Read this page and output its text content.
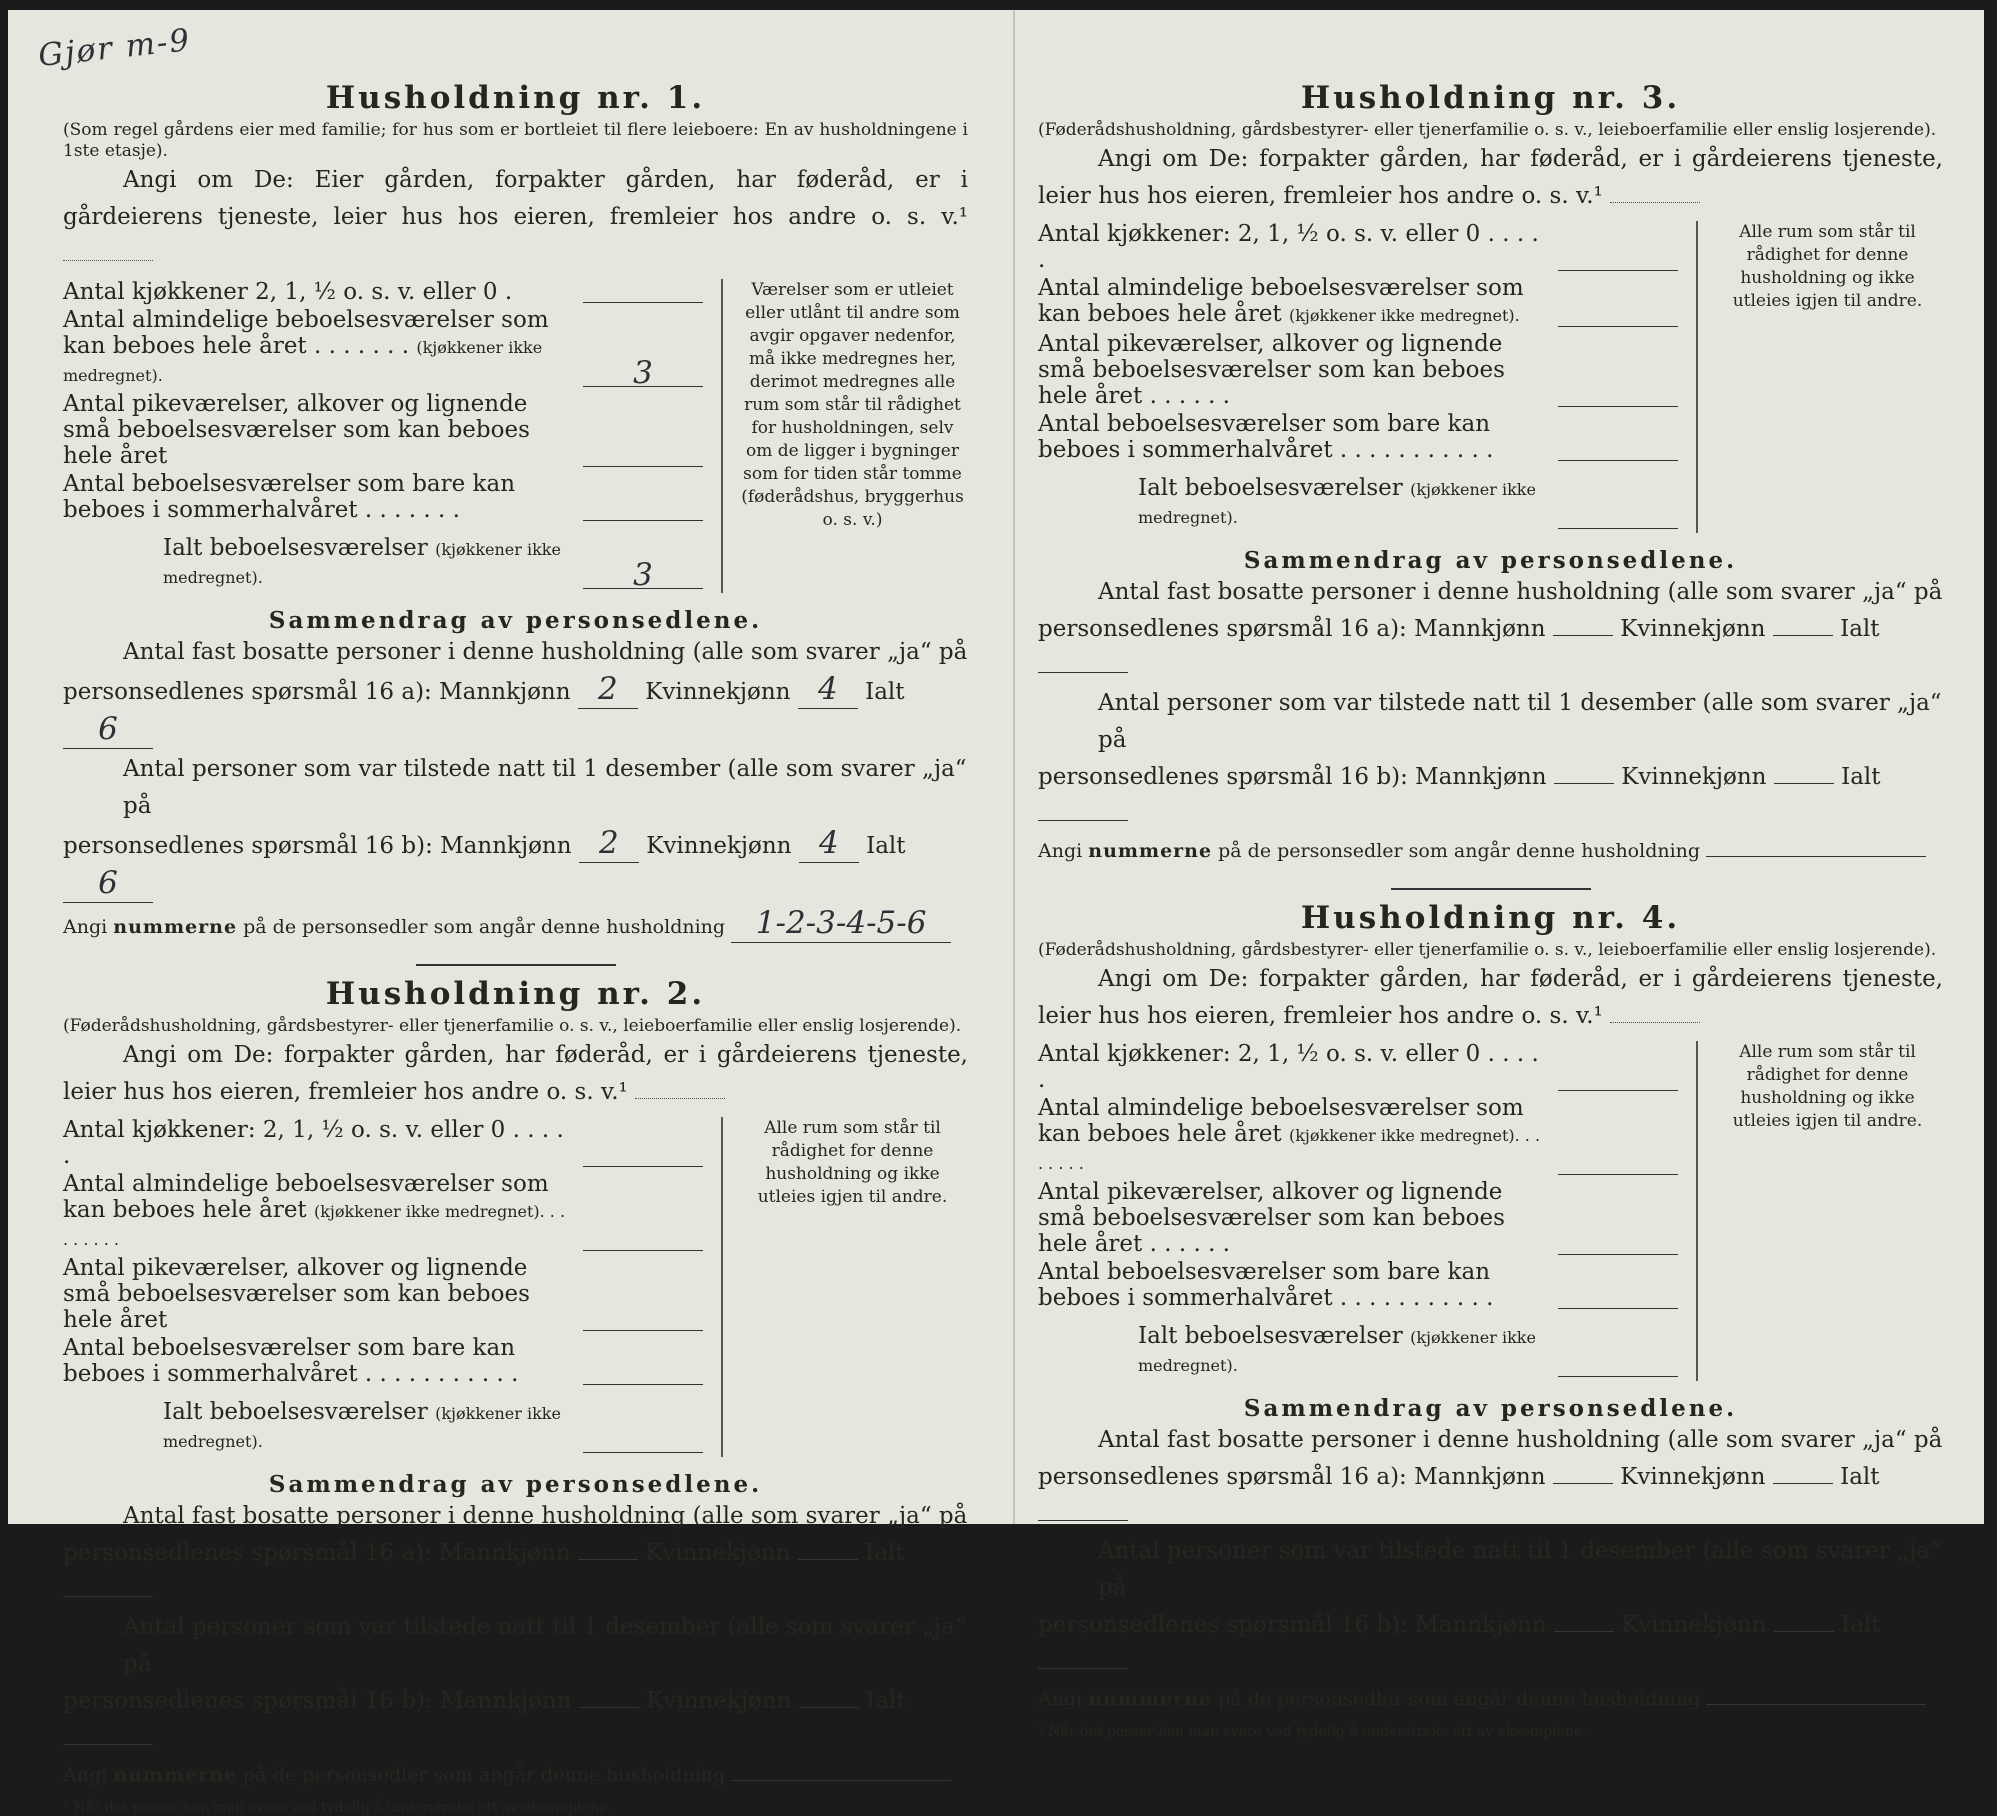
Gjør m-9
Husholdning nr. 1.
(Som regel gårdens eier med familie; for hus som er bortleiet til flere leieboere: En av husholdningene i 1ste etasje).
Angi om De: Eier gården, forpakter gården, har føderåd, er i gårdeierens tjeneste, leier hus hos eieren, fremleier hos andre o. s. v.¹
Antal kjøkkener 2, 1, ½ o. s. v. eller 0 .
Antal almindelige beboelsesværelser som kan beboes hele året . . . . . . . (kjøkkener ikke medregnet).	3
Antal pikeværelser, alkover og lignende små beboelsesværelser som kan beboes hele året
Antal beboelsesværelser som bare kan beboes i sommerhalvåret . . . . . . .
Ialt beboelsesværelser (kjøkkener ikke medregnet).	3
Værelser som er utleiet eller utlånt til andre som avgir opgaver nedenfor, må ikke medregnes her, derimot medregnes alle rum som står til rådighet for husholdningen, selv om de ligger i bygninger som for tiden står tomme (føderådshus, bryggerhus o. s. v.)
Sammendrag av personsedlene.
Antal fast bosatte personer i denne husholdning (alle som svarer „ja“ på
personsedlenes spørsmål 16 a): Mannkjønn 2 Kvinnekjønn 4 Ialt 6
Antal personer som var tilstede natt til 1 desember (alle som svarer „ja“ på
personsedlenes spørsmål 16 b): Mannkjønn 2 Kvinnekjønn 4 Ialt 6
Angi nummerne på de personsedler som angår denne husholdning 1-2-3-4-5-6
Husholdning nr. 2.
(Føderådshusholdning, gårdsbestyrer- eller tjenerfamilie o. s. v., leieboerfamilie eller enslig losjerende).
Angi om De: forpakter gården, har føderåd, er i gårdeierens tjeneste, leier hus hos eieren, fremleier hos andre o. s. v.¹
Antal kjøkkener: 2, 1, ½ o. s. v. eller 0 . . . . .
Antal almindelige beboelsesværelser som kan beboes hele året (kjøkkener ikke medregnet). . . . . . . . .
Antal pikeværelser, alkover og lignende små beboelsesværelser som kan beboes hele året
Antal beboelsesværelser som bare kan beboes i sommerhalvåret . . . . . . . . . . .
Ialt beboelsesværelser (kjøkkener ikke medregnet).
Alle rum som står til rådighet for denne husholdning og ikke utleies igjen til andre.
Sammendrag av personsedlene.
Antal fast bosatte personer i denne husholdning (alle som svarer „ja“ på
personsedlenes spørsmål 16 a): Mannkjønn	Kvinnekjønn	Ialt
Antal personer som var tilstede natt til 1 desember (alle som svarer „ja“ på
personsedlenes spørsmål 16 b): Mannkjønn	Kvinnekjønn	Ialt
Angi nummerne på de personsedler som angår denne husholdning
¹ Når det passer kan man svare ved tydelig å understreke ett av eksemplene.
Husholdning nr. 3.
(Føderådshusholdning, gårdsbestyrer- eller tjenerfamilie o. s. v., leieboerfamilie eller enslig losjerende).
Angi om De: forpakter gården, har føderåd, er i gårdeierens tjeneste, leier hus hos eieren, fremleier hos andre o. s. v.¹
Antal kjøkkener: 2, 1, ½ o. s. v. eller 0 . . . . .
Antal almindelige beboelsesværelser som kan beboes hele året (kjøkkener ikke medregnet).
Antal pikeværelser, alkover og lignende små beboelsesværelser som kan beboes hele året . . . . . .
Antal beboelsesværelser som bare kan beboes i sommerhalvåret . . . . . . . . . . .
Ialt beboelsesværelser (kjøkkener ikke medregnet).
Alle rum som står til rådighet for denne husholdning og ikke utleies igjen til andre.
Sammendrag av personsedlene.
Antal fast bosatte personer i denne husholdning (alle som svarer „ja“ på
personsedlenes spørsmål 16 a): Mannkjønn	Kvinnekjønn	Ialt
Antal personer som var tilstede natt til 1 desember (alle som svarer „ja“ på
personsedlenes spørsmål 16 b): Mannkjønn	Kvinnekjønn	Ialt
Angi nummerne på de personsedler som angår denne husholdning
Husholdning nr. 4.
(Føderådshusholdning, gårdsbestyrer- eller tjenerfamilie o. s. v., leieboerfamilie eller enslig losjerende).
Angi om De: forpakter gården, har føderåd, er i gårdeierens tjeneste, leier hus hos eieren, fremleier hos andre o. s. v.¹
Antal kjøkkener: 2, 1, ½ o. s. v. eller 0 . . . . .
Antal almindelige beboelsesværelser som kan beboes hele året (kjøkkener ikke medregnet). . . . . . . .
Antal pikeværelser, alkover og lignende små beboelsesværelser som kan beboes hele året . . . . . .
Antal beboelsesværelser som bare kan beboes i sommerhalvåret . . . . . . . . . . .
Ialt beboelsesværelser (kjøkkener ikke medregnet).
Alle rum som står til rådighet for denne husholdning og ikke utleies igjen til andre.
Sammendrag av personsedlene.
Antal fast bosatte personer i denne husholdning (alle som svarer „ja“ på
personsedlenes spørsmål 16 a): Mannkjønn	Kvinnekjønn	Ialt
Antal personer som var tilstede natt til 1 desember (alle som svarer „ja“ på
personsedlenes spørsmål 16 b): Mannkjønn	Kvinnekjønn	Ialt
Angi nummerne på de personsedler som angår denne husholdning
¹ Når det passer kan man svare ved tydelig å understreke ett av eksemplene.
